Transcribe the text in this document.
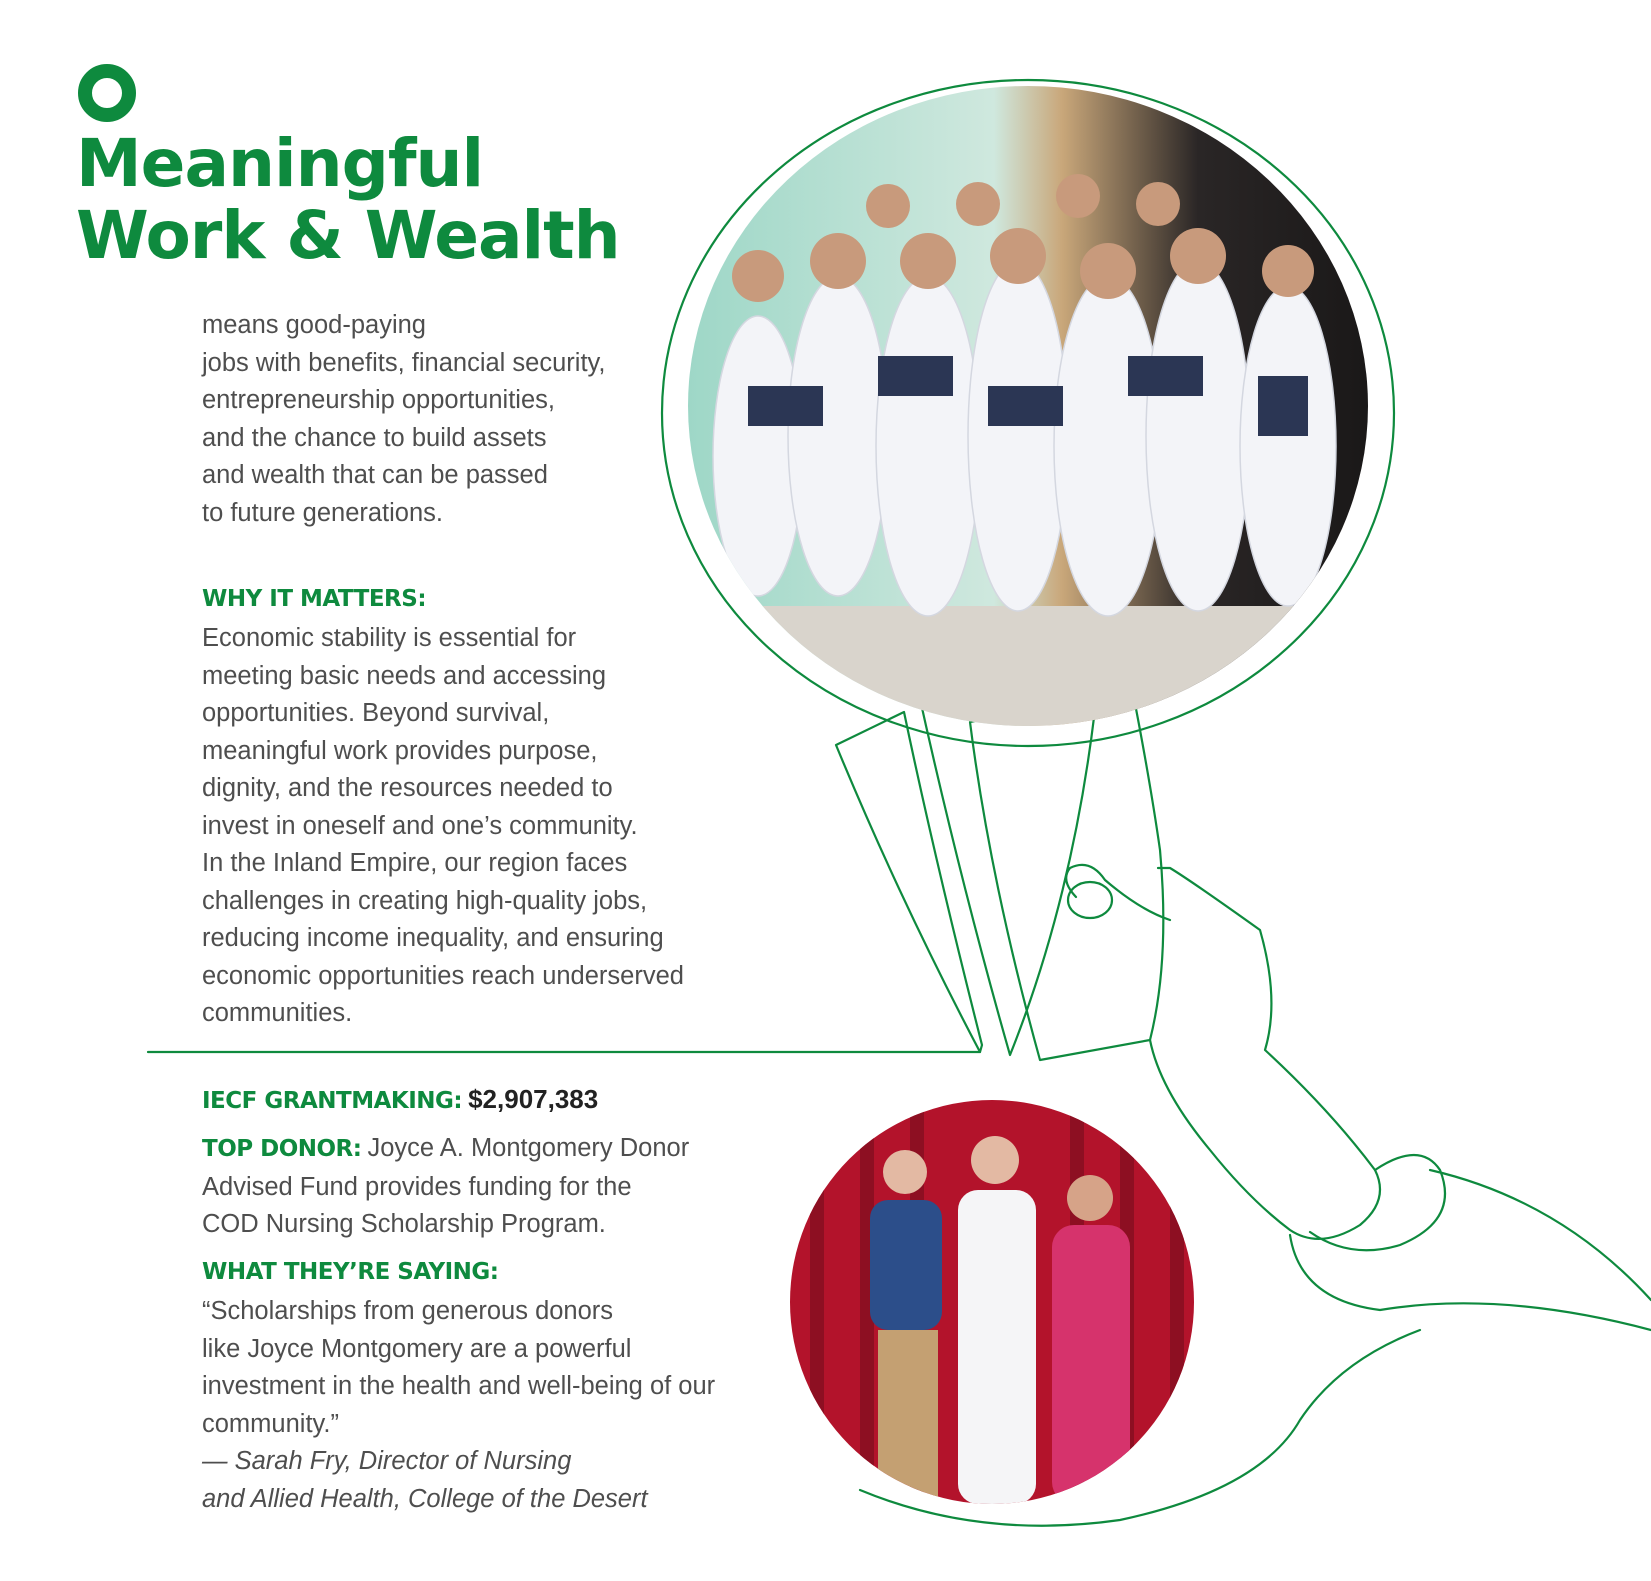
Meaningful
Work & Wealth
means good-paying
jobs with benefits, financial security,
entrepreneurship opportunities,
and the chance to build assets
and wealth that can be passed
to future generations.
WHY IT MATTERS:
Economic stability is essential for
meeting basic needs and accessing
opportunities. Beyond survival,
meaningful work provides purpose,
dignity, and the resources needed to
invest in oneself and one’s community.
In the Inland Empire, our region faces
challenges in creating high-quality jobs,
reducing income inequality, and ensuring
economic opportunities reach underserved
communities.
IECF GRANTMAKING: $2,907,383
TOP DONOR: Joyce A. Montgomery Donor
Advised Fund provides funding for the
COD Nursing Scholarship Program.
WHAT THEY’RE SAYING:
“Scholarships from generous donors
like Joyce Montgomery are a powerful
investment in the health and well-being of our
community.”
— Sarah Fry, Director of Nursing
and Allied Health, College of the Desert
